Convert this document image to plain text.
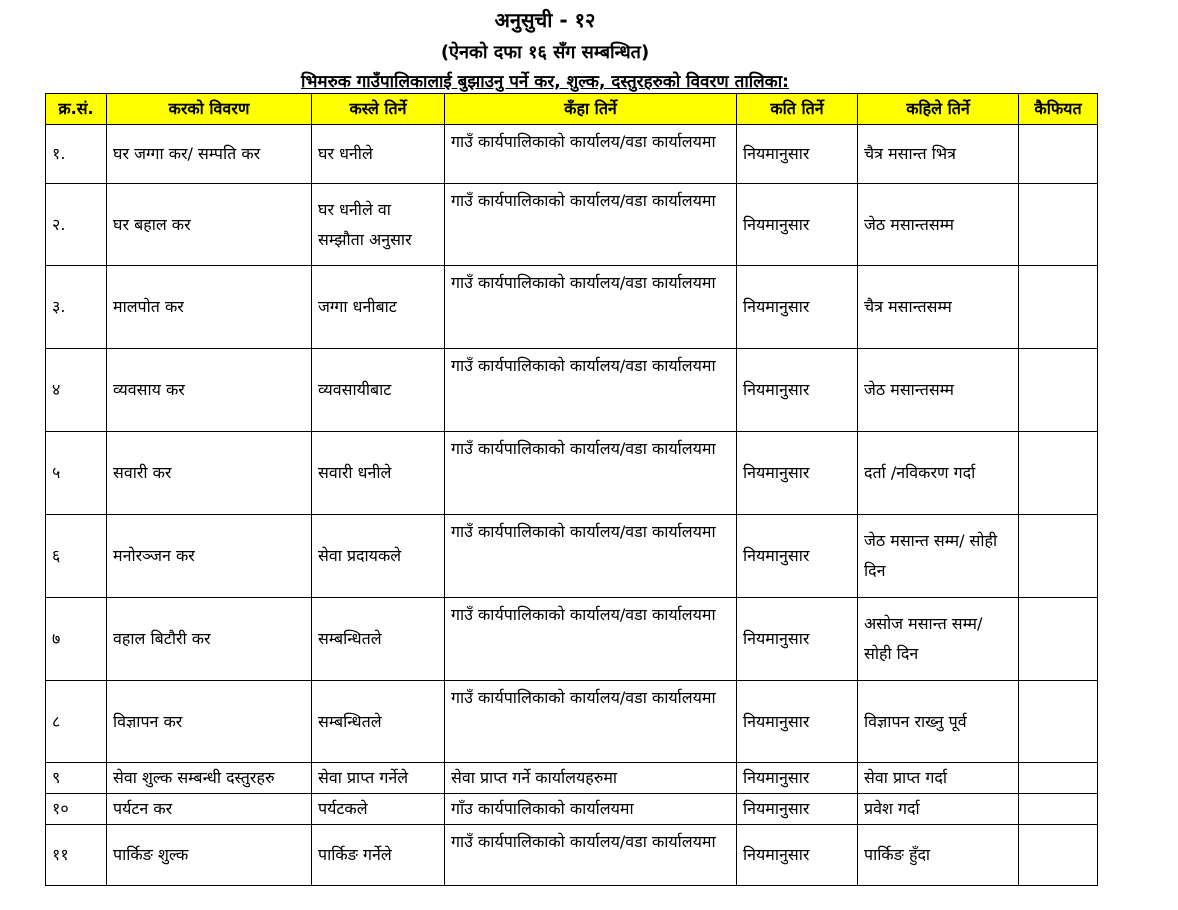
अनुसुची - १२
(ऐनको दफा १६ सँग सम्बन्धित)
भिमरुक गाउँपालिकालाई बुझाउनु पर्ने कर, शुल्क, दस्तुरहरुको विवरण तालिका:
क्र.सं.	करको विवरण	कस्ले तिर्ने	कँहा तिर्ने	कति तिर्ने	कहिले तिर्ने	कैफियत
१.	घर जग्गा कर/ सम्पति कर	घर धनीले	गाउँ कार्यपालिकाको कार्यालय/वडा कार्यालयमा	नियमानुसार	चैत्र मसान्त भित्र	
२.	घर बहाल कर	घर धनीले वा सम्झौता अनुसार	गाउँ कार्यपालिकाको कार्यालय/वडा कार्यालयमा	नियमानुसार	जेठ मसान्तसम्म	
३.	मालपोत कर	जग्गा धनीबाट	गाउँ कार्यपालिकाको कार्यालय/वडा कार्यालयमा	नियमानुसार	चैत्र मसान्तसम्म	
४	व्यवसाय कर	व्यवसायीबाट	गाउँ कार्यपालिकाको कार्यालय/वडा कार्यालयमा	नियमानुसार	जेठ मसान्तसम्म	
५	सवारी कर	सवारी धनीले	गाउँ कार्यपालिकाको कार्यालय/वडा कार्यालयमा	नियमानुसार	दर्ता /नविकरण गर्दा	
६	मनोरञ्जन कर	सेवा प्रदायकले	गाउँ कार्यपालिकाको कार्यालय/वडा कार्यालयमा	नियमानुसार	जेठ मसान्त सम्म/ सोही दिन	
७	वहाल बिटौरी कर	सम्बन्धितले	गाउँ कार्यपालिकाको कार्यालय/वडा कार्यालयमा	नियमानुसार	असोज मसान्त सम्म/ सोही दिन	
८	विज्ञापन कर	सम्बन्धितले	गाउँ कार्यपालिकाको कार्यालय/वडा कार्यालयमा	नियमानुसार	विज्ञापन राख्नु पूर्व	
९	सेवा शुल्क सम्बन्धी दस्तुरहरु	सेवा प्राप्त गर्नेले	सेवा प्राप्त गर्ने कार्यालयहरुमा	नियमानुसार	सेवा प्राप्त गर्दा	
१०	पर्यटन कर	पर्यटकले	गाँउ कार्यपालिकाको कार्यालयमा	नियमानुसार	प्रवेश गर्दा	
११	पार्किङ शुल्क	पार्किङ गर्नेले	गाउँ कार्यपालिकाको कार्यालय/वडा कार्यालयमा	नियमानुसार	पार्किङ हुँदा	
